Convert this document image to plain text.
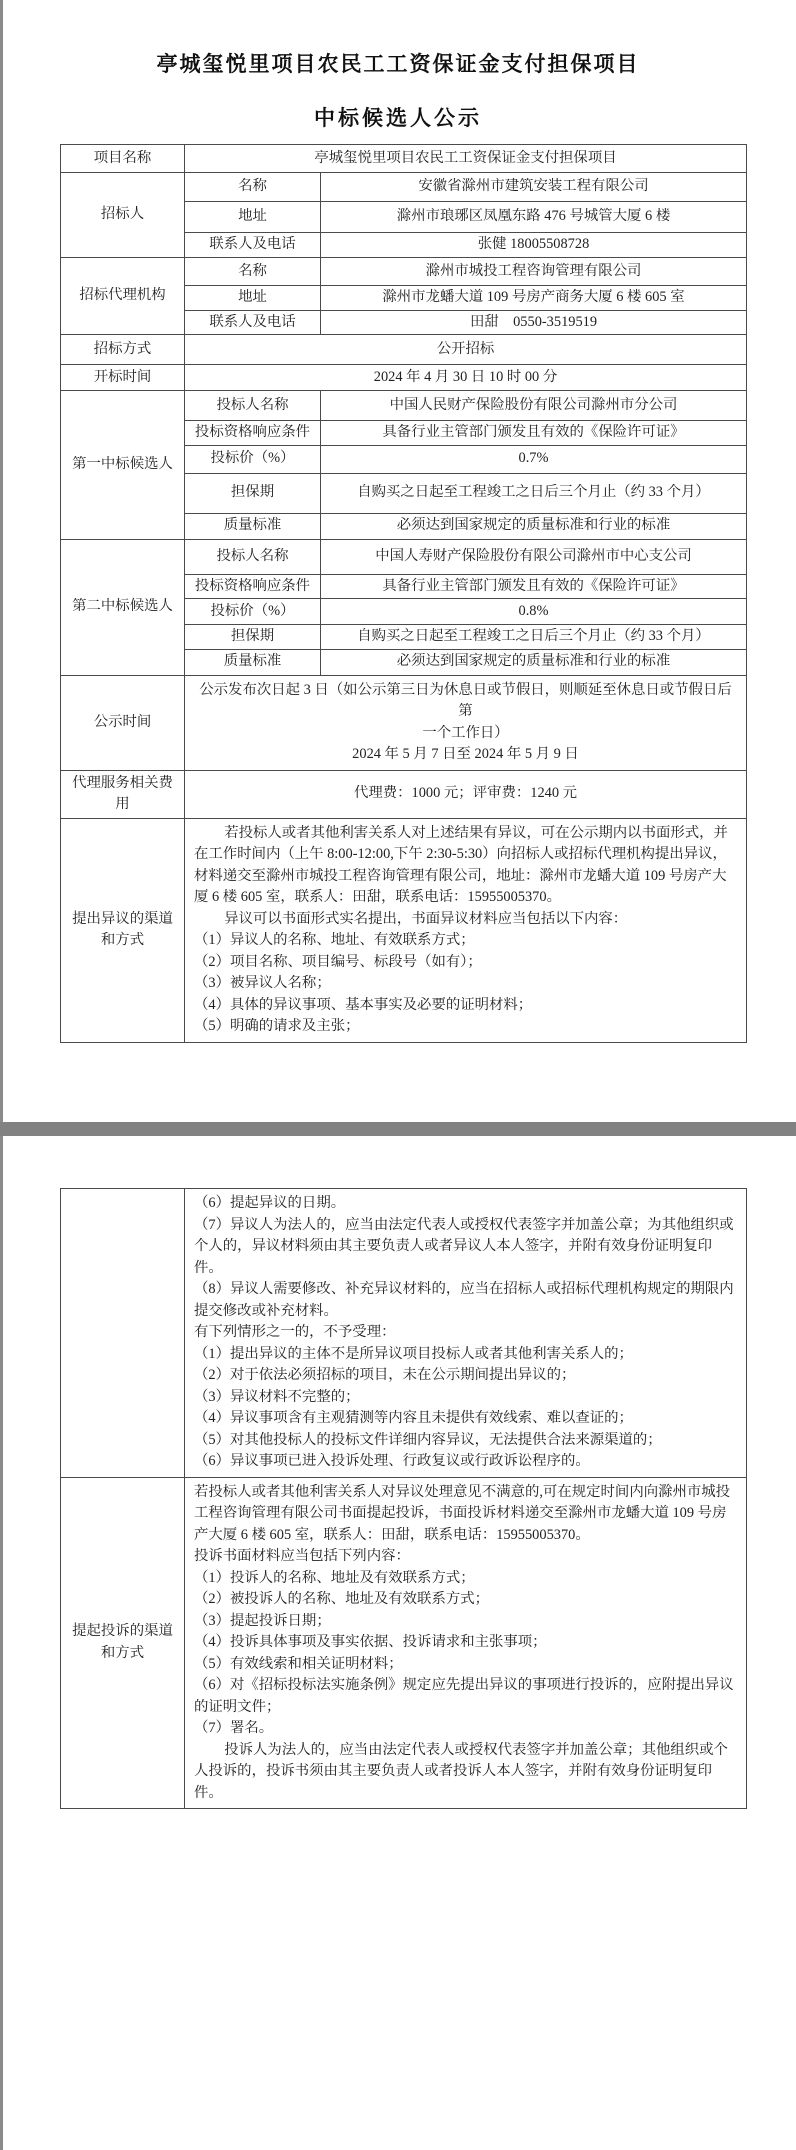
亭城玺悦里项目农民工工资保证金支付担保项目
中标候选人公示
项目名称	亭城玺悦里项目农民工工资保证金支付担保项目	
招标人	名称	安徽省滁州市建筑安装工程有限公司
	地址	滁州市琅琊区凤凰东路 476 号城管大厦 6 楼
	联系人及电话	张健 18005508728
招标代理机构	名称	滁州市城投工程咨询管理有限公司
	地址	滁州市龙蟠大道 109 号房产商务大厦 6 楼 605 室
	联系人及电话	田甜　0550-3519519
招标方式	公开招标	
开标时间	2024 年 4 月 30 日 10 时 00 分	
第一中标候选人	投标人名称	中国人民财产保险股份有限公司滁州市分公司
	投标资格响应条件	具备行业主管部门颁发且有效的《保险许可证》
	投标价（%）	0.7%
	担保期	自购买之日起至工程竣工之日后三个月止（约 33 个月）
	质量标准	必须达到国家规定的质量标准和行业的标准
第二中标候选人	投标人名称	中国人寿财产保险股份有限公司滁州市中心支公司
	投标资格响应条件	具备行业主管部门颁发且有效的《保险许可证》
	投标价（%）	0.8%
	担保期	自购买之日起至工程竣工之日后三个月止（约 33 个月）
	质量标准	必须达到国家规定的质量标准和行业的标准
公示时间	公示发布次日起 3 日（如公示第三日为休息日或节假日，则顺延至休息日或节假日后第
一个工作日）
2024 年 5 月 7 日至 2024 年 5 月 9 日	

代理服务相关费用	代理费：1000 元；评审费：1240 元	
提出异议的渠道和方式	
若投标人或者其他利害关系人对上述结果有异议，可在公示期内以书面形式，并在工作时间内（上午 8:00-12:00,下午 2:30-5:30）向招标人或招标代理机构提出异议，材料递交至滁州市城投工程咨询管理有限公司，地址：滁州市龙蟠大道 109 号房产大厦 6 楼 605 室，联系人：田甜，联系电话：15955005370。
异议可以书面形式实名提出，书面异议材料应当包括以下内容：
（1）异议人的名称、地址、有效联系方式；
（2）项目名称、项目编号、标段号（如有）；
（3）被异议人名称；
（4）具体的异议事项、基本事实及必要的证明材料；
（5）明确的请求及主张；

（6）提起异议的日期。
（7）异议人为法人的，应当由法定代表人或授权代表签字并加盖公章；为其他组织或个人的，异议材料须由其主要负责人或者异议人本人签字，并附有效身份证明复印件。
（8）异议人需要修改、补充异议材料的，应当在招标人或招标代理机构规定的期限内提交修改或补充材料。
有下列情形之一的，不予受理：
（1）提出异议的主体不是所异议项目投标人或者其他利害关系人的；
（2）对于依法必须招标的项目，未在公示期间提出异议的；
（3）异议材料不完整的；
（4）异议事项含有主观猜测等内容且未提供有效线索、难以查证的；
（5）对其他投标人的投标文件详细内容异议，无法提供合法来源渠道的；
（6）异议事项已进入投诉处理、行政复议或行政诉讼程序的。

提起投诉的渠道和方式	
若投标人或者其他利害关系人对异议处理意见不满意的,可在规定时间内向滁州市城投工程咨询管理有限公司书面提起投诉，书面投诉材料递交至滁州市龙蟠大道 109 号房产大厦 6 楼 605 室，联系人：田甜，联系电话：15955005370。
投诉书面材料应当包括下列内容：
（1）投诉人的名称、地址及有效联系方式；
（2）被投诉人的名称、地址及有效联系方式；
（3）提起投诉日期；
（4）投诉具体事项及事实依据、投诉请求和主张事项；
（5）有效线索和相关证明材料；
（6）对《招标投标法实施条例》规定应先提出异议的事项进行投诉的，应附提出异议的证明文件；
（7）署名。
投诉人为法人的，应当由法定代表人或授权代表签字并加盖公章；其他组织或个人投诉的，投诉书须由其主要负责人或者投诉人本人签字，并附有效身份证明复印件。
